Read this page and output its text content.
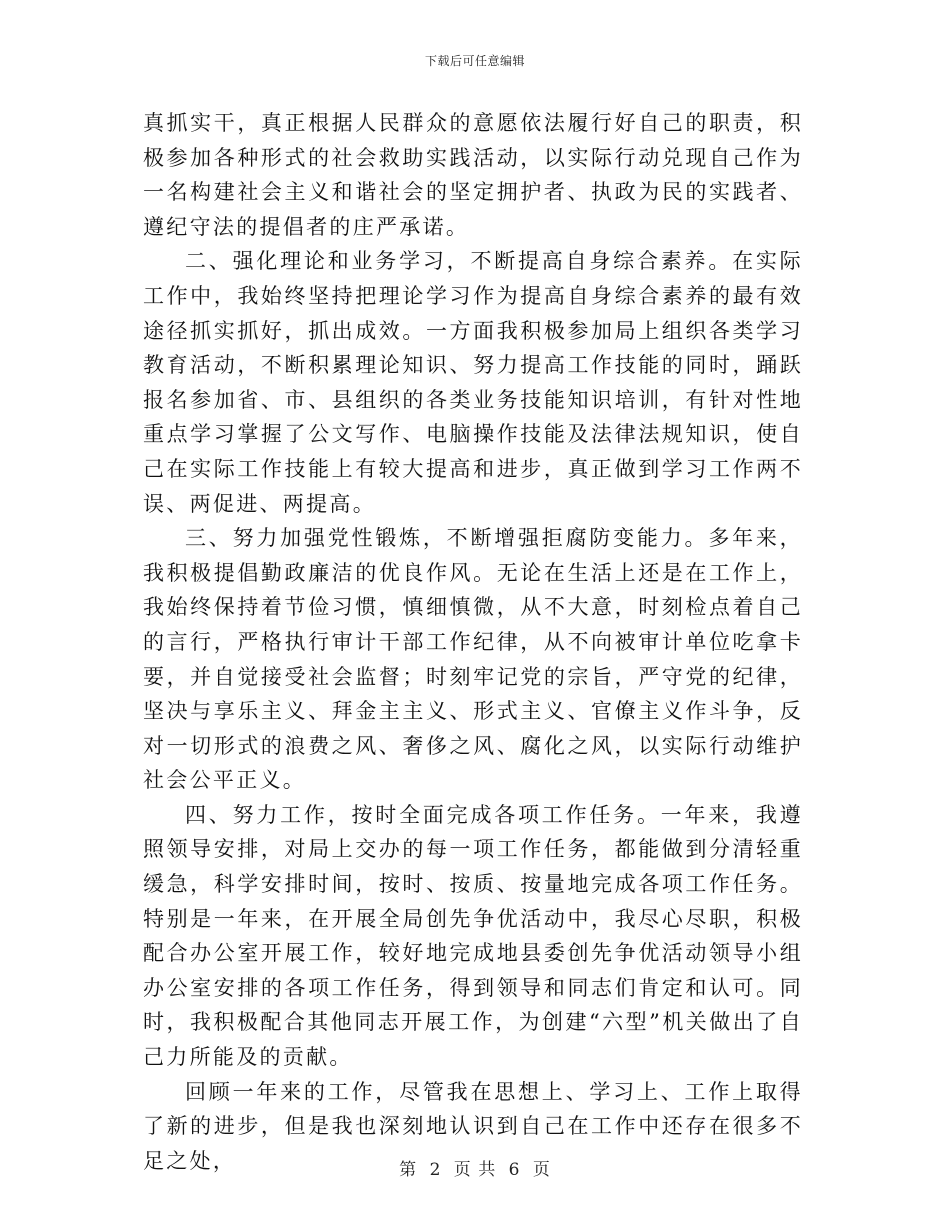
下载后可任意编辑

真抓实干，真正根据人民群众的意愿依法履行好自己的职责，积极参加各种形式的社会救助实践活动，以实际行动兑现自己作为一名构建社会主义和谐社会的坚定拥护者、执政为民的实践者、遵纪守法的提倡者的庄严承诺。

二、强化理论和业务学习，不断提高自身综合素养。在实际工作中，我始终坚持把理论学习作为提高自身综合素养的最有效途径抓实抓好，抓出成效。一方面我积极参加局上组织各类学习教育活动，不断积累理论知识、努力提高工作技能的同时，踊跃报名参加省、市、县组织的各类业务技能知识培训，有针对性地重点学习掌握了公文写作、电脑操作技能及法律法规知识，使自己在实际工作技能上有较大提高和进步，真正做到学习工作两不误、两促进、两提高。

三、努力加强党性锻炼，不断增强拒腐防变能力。多年来，我积极提倡勤政廉洁的优良作风。无论在生活上还是在工作上，我始终保持着节俭习惯，慎细慎微，从不大意，时刻检点着自己的言行，严格执行审计干部工作纪律，从不向被审计单位吃拿卡要，并自觉接受社会监督；时刻牢记党的宗旨，严守党的纪律，坚决与享乐主义、拜金主主义、形式主义、官僚主义作斗争，反对一切形式的浪费之风、奢侈之风、腐化之风，以实际行动维护社会公平正义。

四、努力工作，按时全面完成各项工作任务。一年来，我遵照领导安排，对局上交办的每一项工作任务，都能做到分清轻重缓急，科学安排时间，按时、按质、按量地完成各项工作任务。特别是一年来，在开展全局创先争优活动中，我尽心尽职，积极配合办公室开展工作，较好地完成地县委创先争优活动领导小组办公室安排的各项工作任务，得到领导和同志们肯定和认可。同时，我积极配合其他同志开展工作，为创建“六型”机关做出了自己力所能及的贡献。

回顾一年来的工作，尽管我在思想上、学习上、工作上取得了新的进步，但是我也深刻地认识到自己在工作中还存在很多不足之处，	第 2 页 共 6 页
